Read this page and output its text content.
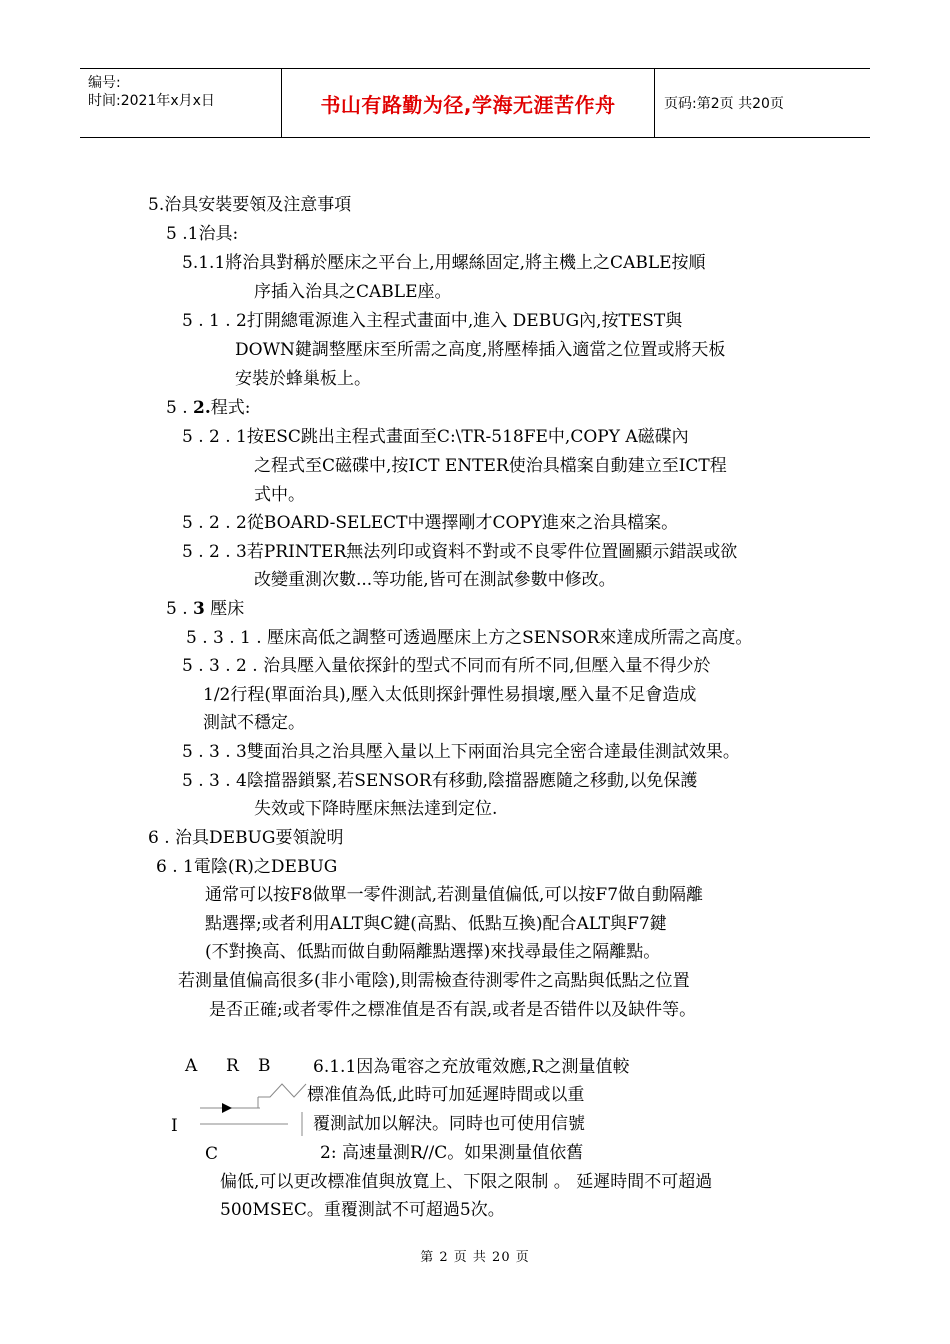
编号:
时间:2021年x月x日	书山有路勤为径,学海无涯苦作舟	页码:第2页 共20页
5.治具安裝要領及注意事項
5 .1治具:
5.1.1將治具對稱於壓床之平台上,用螺絲固定,將主機上之CABLE按順
序插入治具之CABLE座。
5 . 1 . 2打開總電源進入主程式畫面中,進入 DEBUG內,按TEST與
DOWN鍵調整壓床至所需之高度,將壓棒插入適當之位置或將天板
安裝於蜂巢板上。
5 . 2.程式:
5 . 2 . 1按ESC跳出主程式畫面至C:\TR-518FE中,COPY A磁碟內
之程式至C磁碟中,按ICT ENTER使治具檔案自動建立至ICT程
式中。
5 . 2 . 2從BOARD-SELECT中選擇剛才COPY進來之治具檔案。
5 . 2 . 3若PRINTER無法列印或資料不對或不良零件位置圖顯示錯誤或欲
改變重測次數...等功能,皆可在測試參數中修改。
5 . 3 壓床
5 . 3 . 1 . 壓床高低之調整可透過壓床上方之SENSOR來達成所需之高度。
5 . 3 . 2 . 治具壓入量依探針的型式不同而有所不同,但壓入量不得少於
1/2行程(單面治具),壓入太低則探針彈性易損壞,壓入量不足會造成
測試不穩定。
5 . 3 . 3雙面治具之治具壓入量以上下兩面治具完全密合達最佳測試效果。
5 . 3 . 4陰擋器鎖緊,若SENSOR有移動,陰擋器應隨之移動,以免保護
失效或下降時壓床無法達到定位.
6 . 治具DEBUG要領說明
6 . 1電陰(R)之DEBUG
通常可以按F8做單一零件測試,若測量值偏低,可以按F7做自動隔離
點選擇;或者利用ALT與C鍵(高點、低點互換)配合ALT與F7鍵
(不對換高、低點而做自動隔離點選擇)來找尋最佳之隔離點。
若測量值偏高很多(非小電陰),則需檢查待測零件之高點與低點之位置
是否正確;或者零件之標准值是否有誤,或者是否错件以及缺件等。
A R B
I
C
6.1.1因為電容之充放電效應,R之測量值較
標准值為低,此時可加延遲時間或以重
覆測試加以解決。同時也可使用信號
2: 高速量測R//C。如果測量值依舊
偏低,可以更改標准值與放寬上、下限之限制 。 延遲時間不可超過
500MSEC。重覆測試不可超過5次。
第 2 页 共 20 页
